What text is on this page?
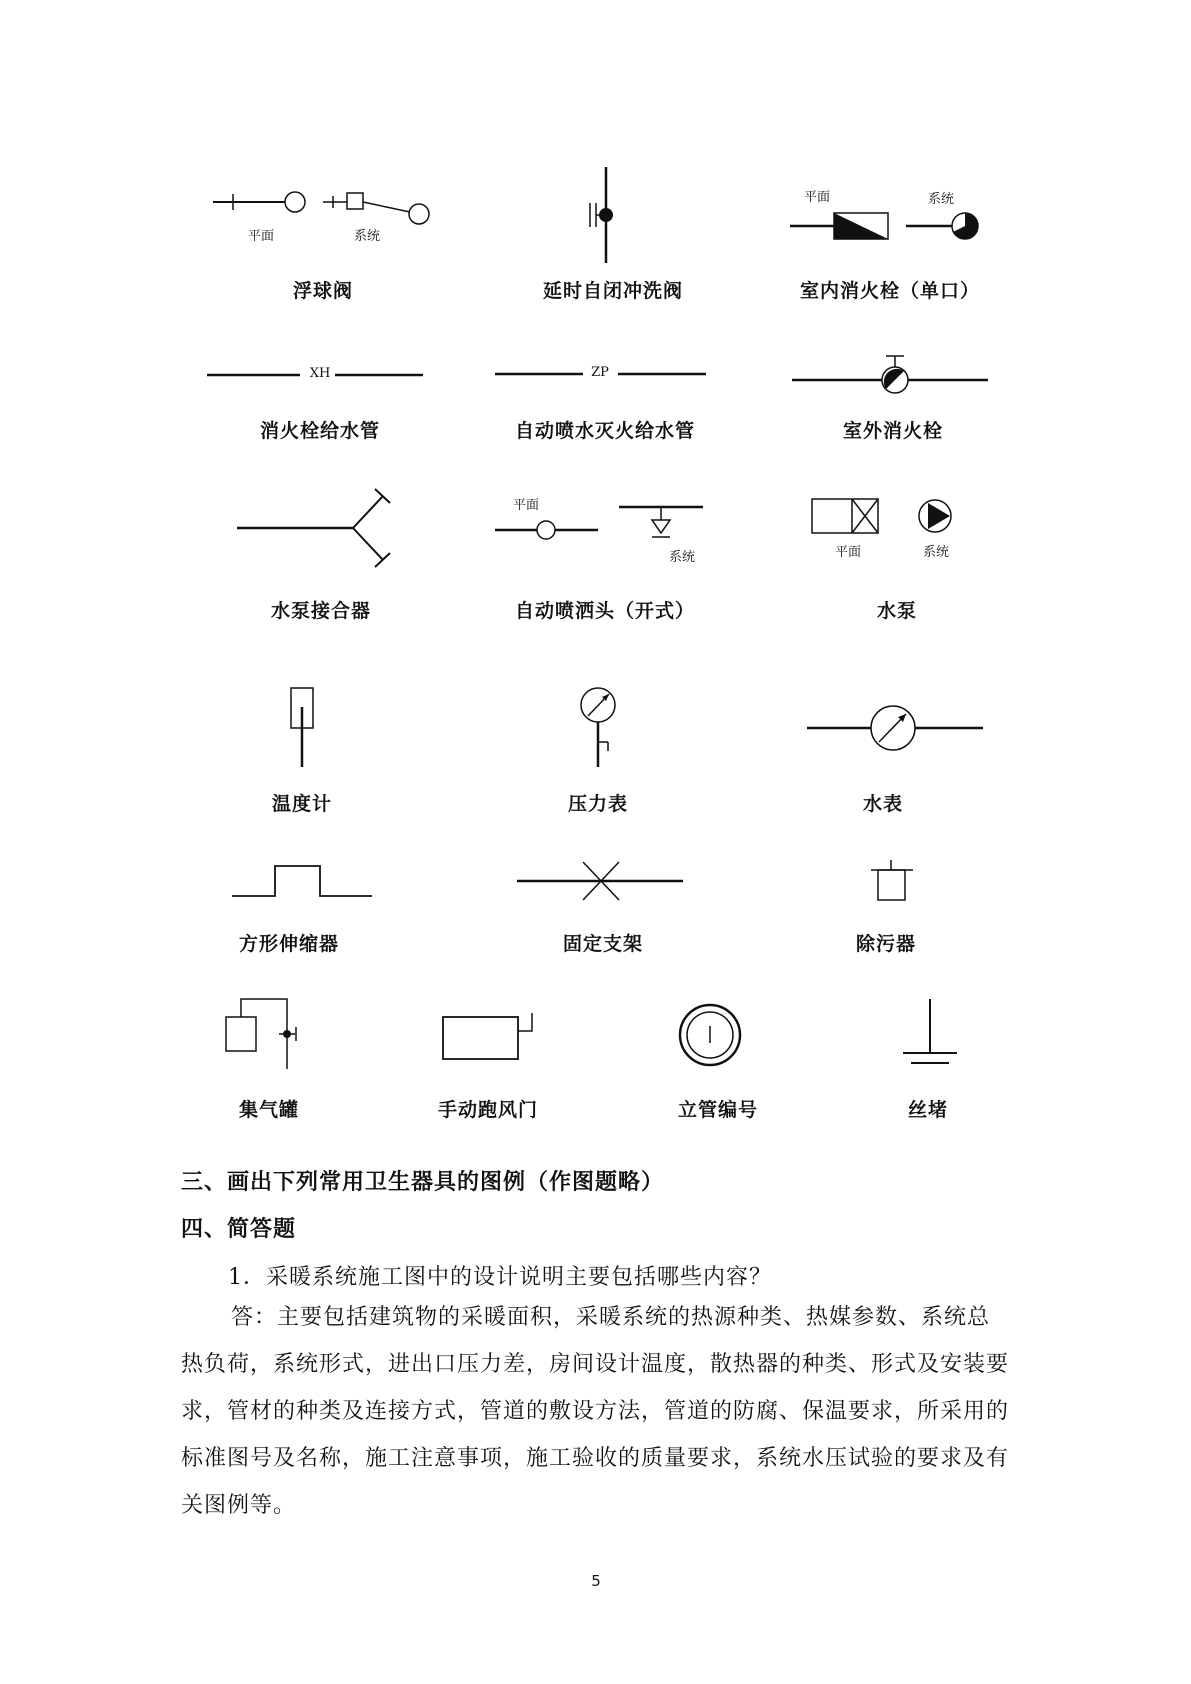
平面	系统
浮球阀	延时自闭冲洗阀
平面	系统
室内消火栓（单口）
XH
消火栓给水管
ZP
自动喷水灭火给水管	室外消火栓
水泵接合器
平面
系统
自动喷洒头（开式）
平面	系统
水泵
温度计	压力表	水表
方形伸缩器	固定支架	除污器
集气罐	手动跑风门	立管编号	丝堵
三、画出下列常用卫生器具的图例（作图题略）
四、简答题
1．采暖系统施工图中的设计说明主要包括哪些内容？
答：主要包括建筑物的采暖面积，采暖系统的热源种类、热媒参数、系统总热负荷，系统形式，进出口压力差，房间设计温度，散热器的种类、形式及安装要求，管材的种类及连接方式，管道的敷设方法，管道的防腐、保温要求，所采用的标准图号及名称，施工注意事项，施工验收的质量要求，系统水压试验的要求及有关图例等。
5
